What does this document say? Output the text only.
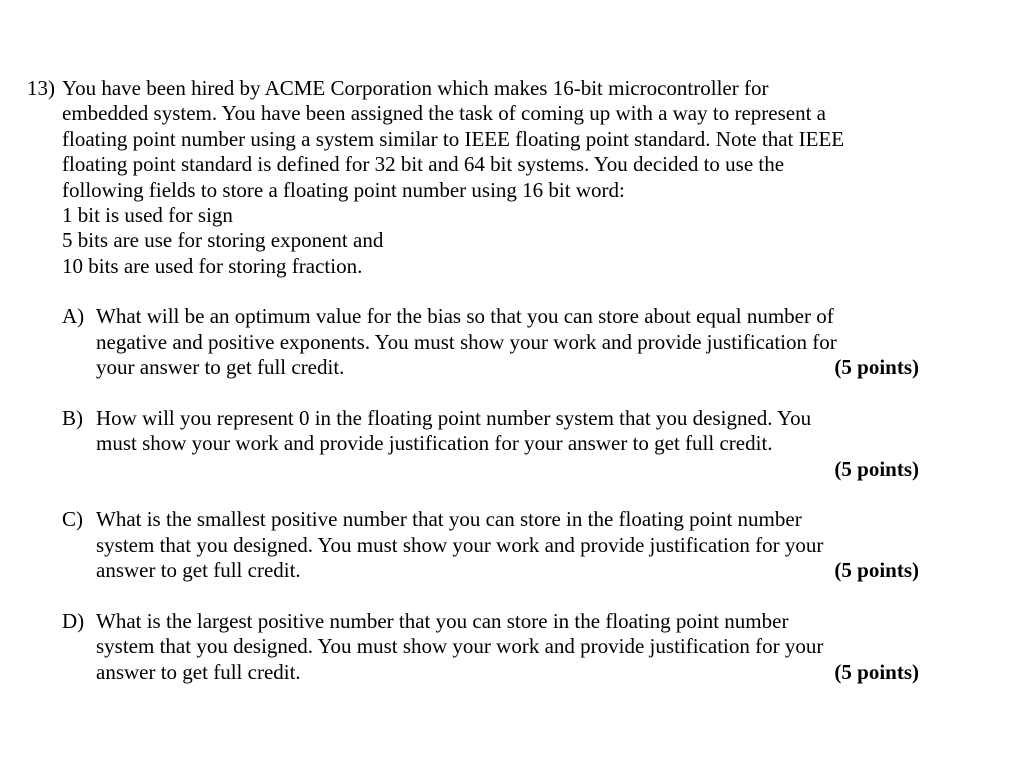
13) You have been hired by ACME Corporation which makes 16-bit microcontroller for
embedded system. You have been assigned the task of coming up with a way to represent a
floating point number using a system similar to IEEE floating point standard. Note that IEEE
floating point standard is defined for 32 bit and 64 bit systems. You decided to use the
following fields to store a floating point number using 16 bit word:
1 bit is used for sign
5 bits are use for storing exponent and
10 bits are used for storing fraction.
A) What will be an optimum value for the bias so that you can store about equal number of
negative and positive exponents. You must show your work and provide justification for
your answer to get full credit.	(5 points)
B) How will you represent 0 in the floating point number system that you designed. You
must show your work and provide justification for your answer to get full credit.
(5 points)
C) What is the smallest positive number that you can store in the floating point number
system that you designed. You must show your work and provide justification for your
answer to get full credit.	(5 points)
D) What is the largest positive number that you can store in the floating point number
system that you designed. You must show your work and provide justification for your
answer to get full credit.	(5 points)
